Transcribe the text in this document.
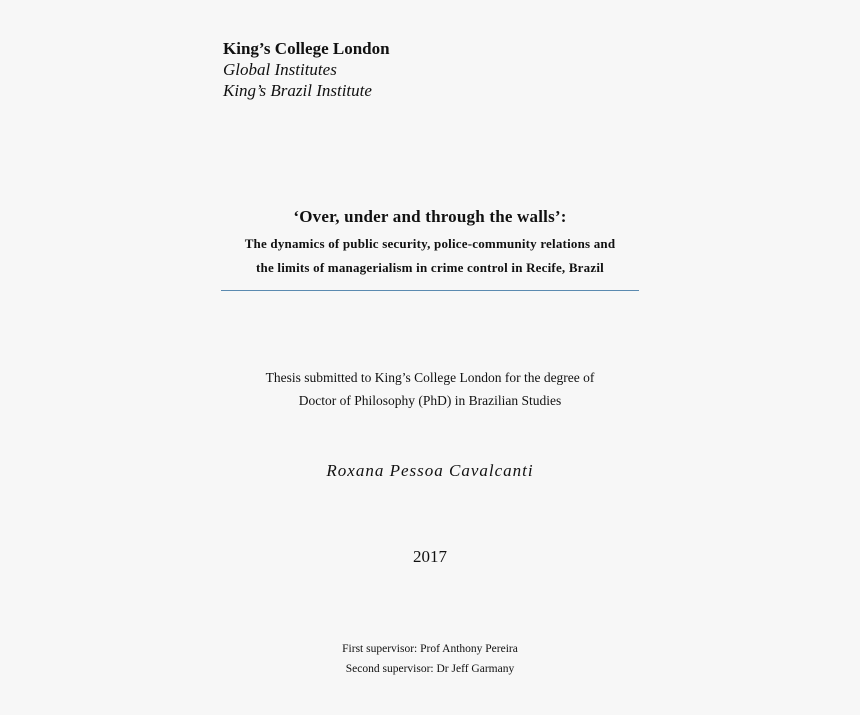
King’s College London
Global Institutes
King’s Brazil Institute
‘Over, under and through the walls’:
The dynamics of public security, police-community relations and
the limits of managerialism in crime control in Recife, Brazil
Thesis submitted to King’s College London for the degree of
Doctor of Philosophy (PhD) in Brazilian Studies
Roxana Pessoa Cavalcanti
2017
First supervisor: Prof Anthony Pereira
Second supervisor: Dr Jeff Garmany
